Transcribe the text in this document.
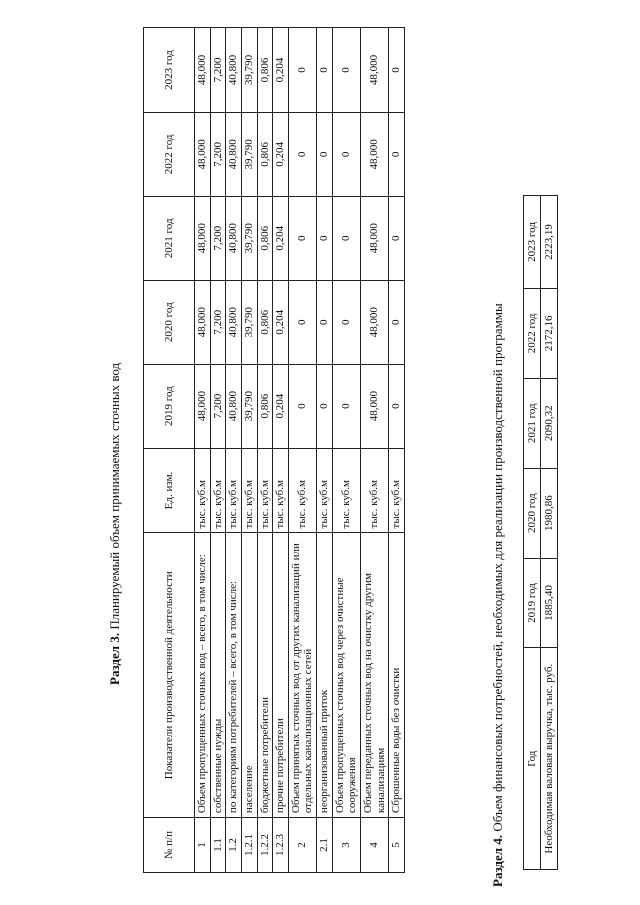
Раздел 3. Планируемый объем принимаемых сточных вод
№ п/п	Показатели производственной деятельности	Ед. изм.	2019 год	2020 год	2021 год	2022 год	2023 год
1	Объем пропущенных сточных вод – всего, в том числе:	тыс. куб.м	48,000	48,000	48,000	48,000	48,000
1.1	собственные нужды	тыс. куб.м	7,200	7,200	7,200	7,200	7,200
1.2	по категориям потребителей – всего, в том числе:	тыс. куб.м	40,800	40,800	40,800	40,800	40,800
1.2.1	население	тыс. куб.м	39,790	39,790	39,790	39,790	39,790
1.2.2	бюджетные потребители	тыс. куб.м	0,806	0,806	0,806	0,806	0,806
1.2.3	прочие потребители	тыс. куб.м	0,204	0,204	0,204	0,204	0,204
2	Объем принятых сточных вод от других канализаций или отдельных канализационных сетей	тыс. куб.м	0	0	0	0	0
2.1	неорганизованный приток	тыс. куб.м	0	0	0	0	0
3	Объем пропущенных сточных вод через очистные сооружения	тыс. куб.м	0	0	0	0	0
4	Объем переданных сточных вод на очистку другим канализациям	тыс. куб.м	48,000	48,000	48,000	48,000	48,000
5	Сброшенные воды без очистки	тыс. куб.м	0	0	0	0	0
Раздел 4. Объем финансовых потребностей, необходимых для реализации производственной программы Год	2019 год	2020 год	2021 год	2022 год	2023 год
Необходимая валовая выручка, тыс. руб.	1885,40	1980,86	2090,32	2172,16	2223,19
